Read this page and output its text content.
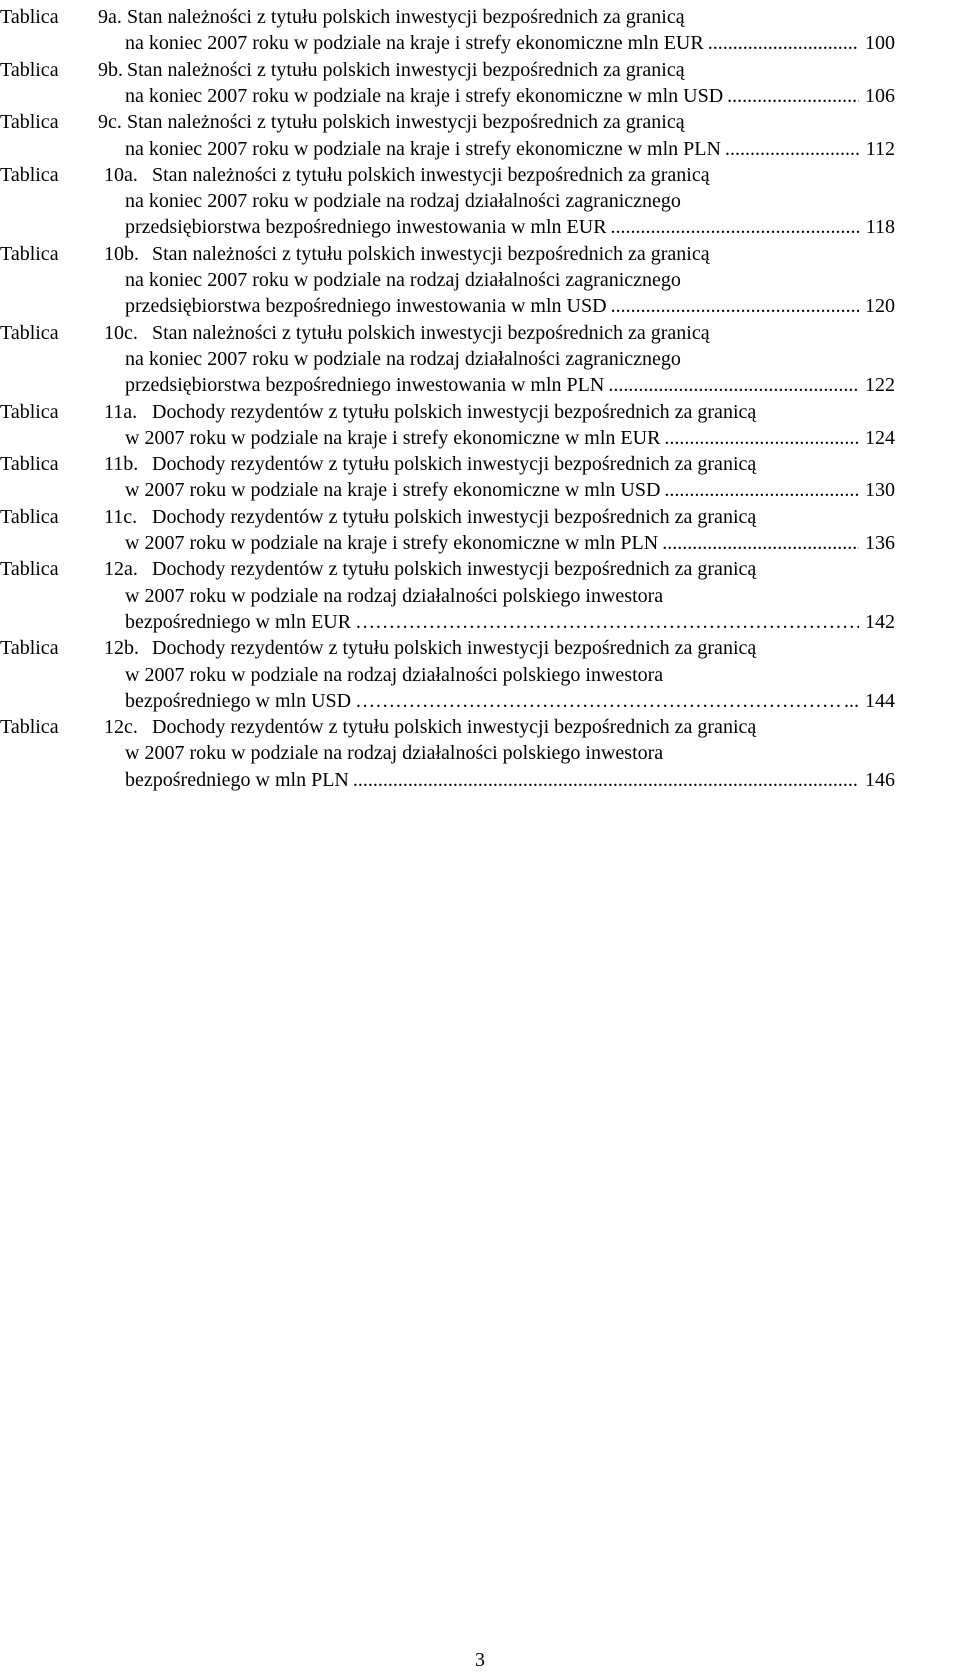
Tablica 9a. Stan należności z tytułu polskich inwestycji bezpośrednich za granicą
na koniec 2007 roku w podziale na kraje i strefy ekonomiczne mln EUR .....	100
Tablica 9b. Stan należności z tytułu polskich inwestycji bezpośrednich za granicą
na koniec 2007 roku w podziale na kraje i strefy ekonomiczne w mln USD .....	106
Tablica 9c. Stan należności z tytułu polskich inwestycji bezpośrednich za granicą
na koniec 2007 roku w podziale na kraje i strefy ekonomiczne w mln PLN .....	112
Tablica 10a. Stan należności z tytułu polskich inwestycji bezpośrednich za granicą
na koniec 2007 roku w podziale na rodzaj działalności zagranicznego
przedsiębiorstwa bezpośredniego inwestowania w mln EUR .....	118
Tablica 10b. Stan należności z tytułu polskich inwestycji bezpośrednich za granicą
na koniec 2007 roku w podziale na rodzaj działalności zagranicznego
przedsiębiorstwa bezpośredniego inwestowania w mln USD .....	120
Tablica 10c. Stan należności z tytułu polskich inwestycji bezpośrednich za granicą
na koniec 2007 roku w podziale na rodzaj działalności zagranicznego
przedsiębiorstwa bezpośredniego inwestowania w mln PLN .....	122
Tablica 11a. Dochody rezydentów z tytułu polskich inwestycji bezpośrednich za granicą
w 2007 roku w podziale na kraje i strefy ekonomiczne w mln EUR .....	124
Tablica 11b. Dochody rezydentów z tytułu polskich inwestycji bezpośrednich za granicą
w 2007 roku w podziale na kraje i strefy ekonomiczne w mln USD .....	130
Tablica 11c. Dochody rezydentów z tytułu polskich inwestycji bezpośrednich za granicą
w 2007 roku w podziale na kraje i strefy ekonomiczne w mln PLN .....	136
Tablica 12a. Dochody rezydentów z tytułu polskich inwestycji bezpośrednich za granicą
w 2007 roku w podziale na rodzaj działalności polskiego inwestora
bezpośredniego w mln EUR ……………………………………………………………………………………………………………………………………………………	142
Tablica 12b. Dochody rezydentów z tytułu polskich inwestycji bezpośrednich za granicą
w 2007 roku w podziale na rodzaj działalności polskiego inwestora
bezpośredniego w mln USD ……………………………………………………………………………………………………………………………………………………	... 144
Tablica 12c. Dochody rezydentów z tytułu polskich inwestycji bezpośrednich za granicą
w 2007 roku w podziale na rodzaj działalności polskiego inwestora
bezpośredniego w mln PLN .....	146
3
